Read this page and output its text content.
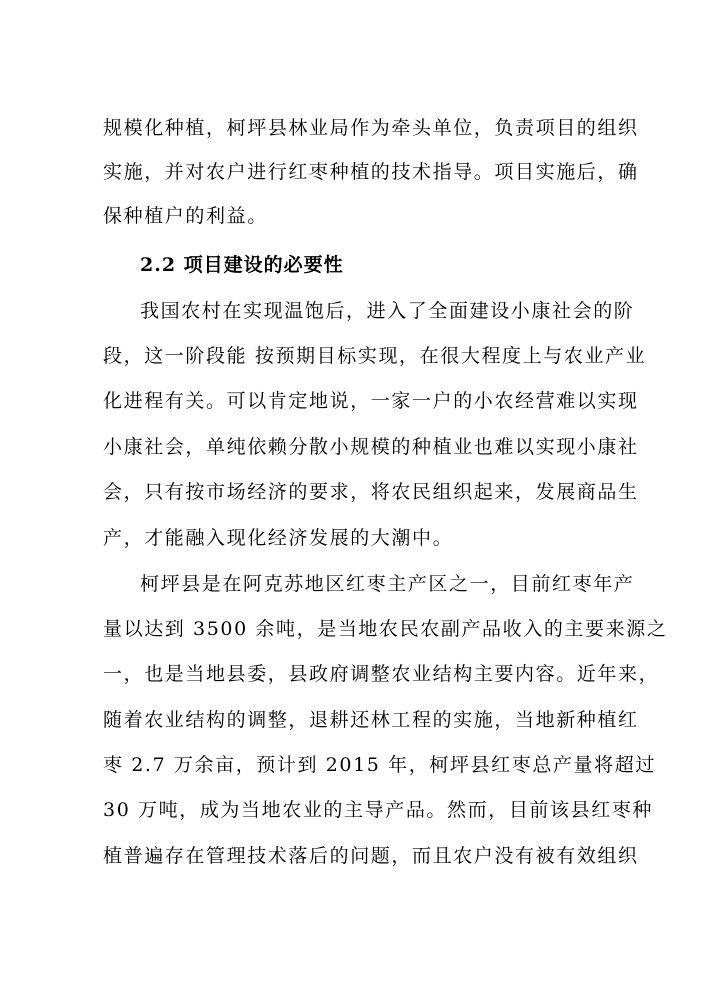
规模化种植，柯坪县林业局作为牵头单位，负责项目的组织
实施，并对农户进行红枣种植的技术指导。项目实施后，确
保种植户的利益。
2.2 项目建设的必要性
我国农村在实现温饱后，进入了全面建设小康社会的阶
段，这一阶段能 按预期目标实现，在很大程度上与农业产业
化进程有关。可以肯定地说，一家一户的小农经营难以实现
小康社会，单纯依赖分散小规模的种植业也难以实现小康社
会，只有按市场经济的要求，将农民组织起来，发展商品生
产，才能融入现化经济发展的大潮中。
柯坪县是在阿克苏地区红枣主产区之一，目前红枣年产
量以达到 3500 余吨，是当地农民农副产品收入的主要来源之
一，也是当地县委，县政府调整农业结构主要内容。近年来，
随着农业结构的调整，退耕还林工程的实施，当地新种植红
枣 2.7 万余亩，预计到 2015 年，柯坪县红枣总产量将超过
30 万吨，成为当地农业的主导产品。然而，目前该县红枣种
植普遍存在管理技术落后的问题，而且农户没有被有效组织
